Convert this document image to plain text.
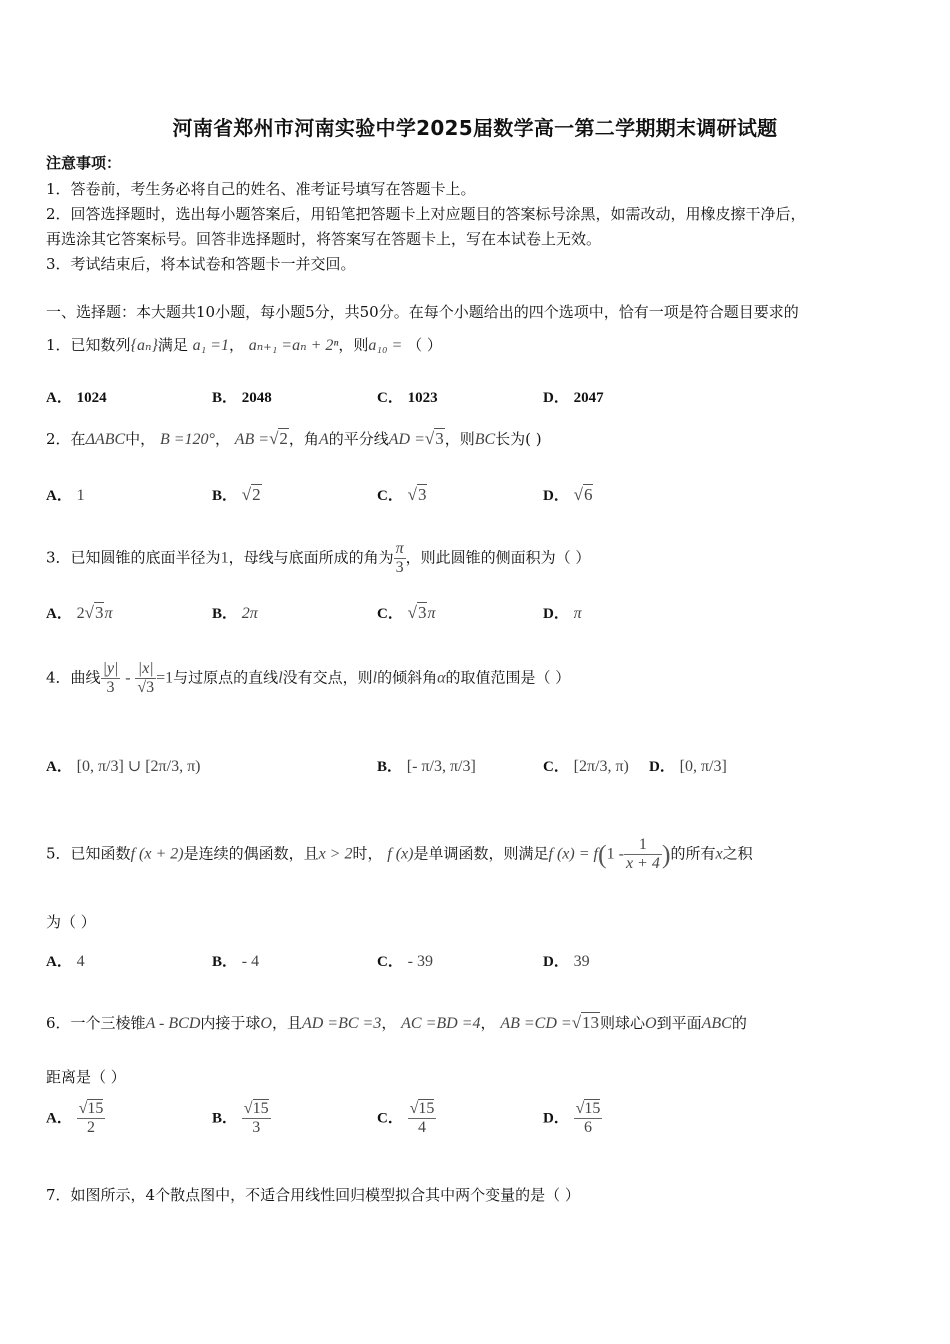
河南省郑州市河南实验中学2025届数学高一第二学期期末调研试题
注意事项：
1．答卷前，考生务必将自己的姓名、准考证号填写在答题卡上。
2．回答选择题时，选出每小题答案后，用铅笔把答题卡上对应题目的答案标号涂黑，如需改动，用橡皮擦干净后，
再选涂其它答案标号。回答非选择题时，将答案写在答题卡上，写在本试卷上无效。
3．考试结束后，将本试卷和答题卡一并交回。
一、选择题：本大题共10小题，每小题5分，共50分。在每个小题给出的四个选项中，恰有一项是符合题目要求的
1．已知数列{aₙ}满足 a₁ =1， aₙ₊₁ =aₙ + 2ⁿ，则a₁₀ = （ ）
A． 1024	B． 2048	C． 1023	D． 2047
2．在ΔABC中， B =120°， AB =√2，角A的平分线AD =√3，则BC长为( )
A． 1	B． √2	C． √3	D． √6
3．已知圆锥的底面半径为1，母线与底面所成的角为 $\frac{\pi}{3}$ ，则此圆锥的侧面积为（ ）
A． 2√3π	B． 2π	C． √3π	D． π
4．曲线 $\frac{|y|}{3} - \frac{|x|}{√3} =1$与过原点的直线l没有交点，则l的倾斜角α的取值范围是（ ）
A． [0, π/3] ∪ [2π/3, π)	B． [- π/3, π/3]	C． [2π/3, π) D． [0, π/3]
5．已知函数f (x + 2)是连续的偶函数，且x > 2时， f (x)是单调函数，则满足f $(x) = f(1 - \frac{1}{x + 4}$ )的所有x之积
为（ ）
A． 4	B． - 4	C． - 39	D． 39
6．一个三棱锥A - BCD内接于球O，且AD =BC =3， AC =BD =4， AB =CD =√13则球心O到平面ABC的
距离是（ ）
A． $\frac{√15}{2}$	B． $\frac{√15}{3}$	C． $\frac{√15}{4}$	D． $\frac{√15}{6}$
7．如图所示，4个散点图中，不适合用线性回归模型拟合其中两个变量的是（ ）
